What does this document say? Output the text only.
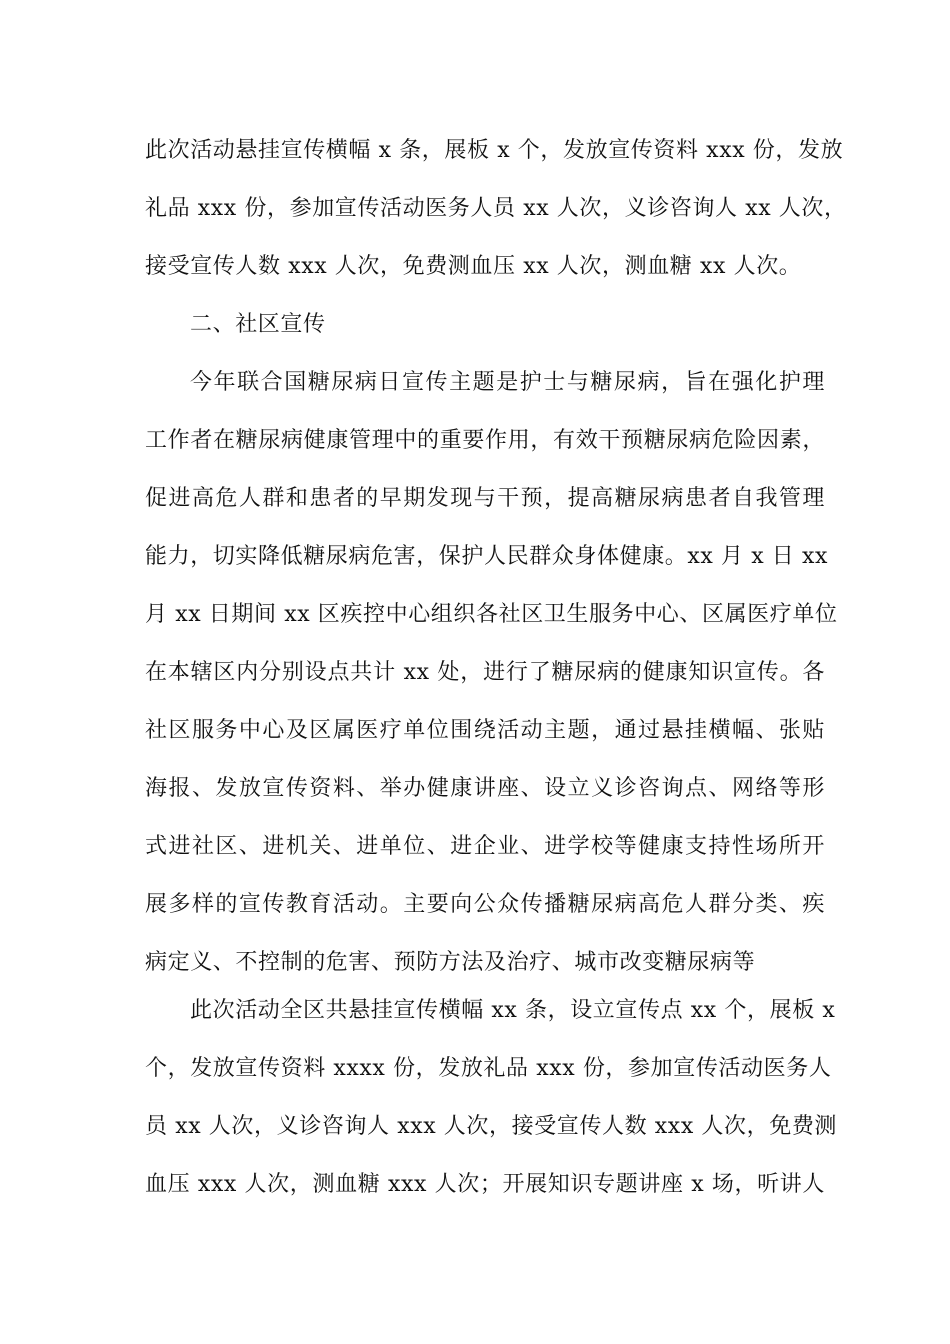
此次活动悬挂宣传横幅 x 条，展板 x 个，发放宣传资料 xxx 份，发放
礼品 xxx 份，参加宣传活动医务人员 xx 人次，义诊咨询人 xx 人次，
接受宣传人数 xxx 人次，免费测血压 xx 人次，测血糖 xx 人次。
二、社区宣传
今年联合国糖尿病日宣传主题是护士与糖尿病，旨在强化护理
工作者在糖尿病健康管理中的重要作用，有效干预糖尿病危险因素，
促进高危人群和患者的早期发现与干预，提高糖尿病患者自我管理
能力，切实降低糖尿病危害，保护人民群众身体健康。xx 月 x 日 xx
月 xx 日期间 xx 区疾控中心组织各社区卫生服务中心、区属医疗单位
在本辖区内分别设点共计 xx 处，进行了糖尿病的健康知识宣传。各
社区服务中心及区属医疗单位围绕活动主题，通过悬挂横幅、张贴
海报、发放宣传资料、举办健康讲座、设立义诊咨询点、网络等形
式进社区、进机关、进单位、进企业、进学校等健康支持性场所开
展多样的宣传教育活动。主要向公众传播糖尿病高危人群分类、疾
病定义、不控制的危害、预防方法及治疗、城市改变糖尿病等
此次活动全区共悬挂宣传横幅 xx 条，设立宣传点 xx 个，展板 x
个，发放宣传资料 xxxx 份，发放礼品 xxx 份，参加宣传活动医务人
员 xx 人次，义诊咨询人 xxx 人次，接受宣传人数 xxx 人次，免费测
血压 xxx 人次，测血糖 xxx 人次；开展知识专题讲座 x 场，听讲人
